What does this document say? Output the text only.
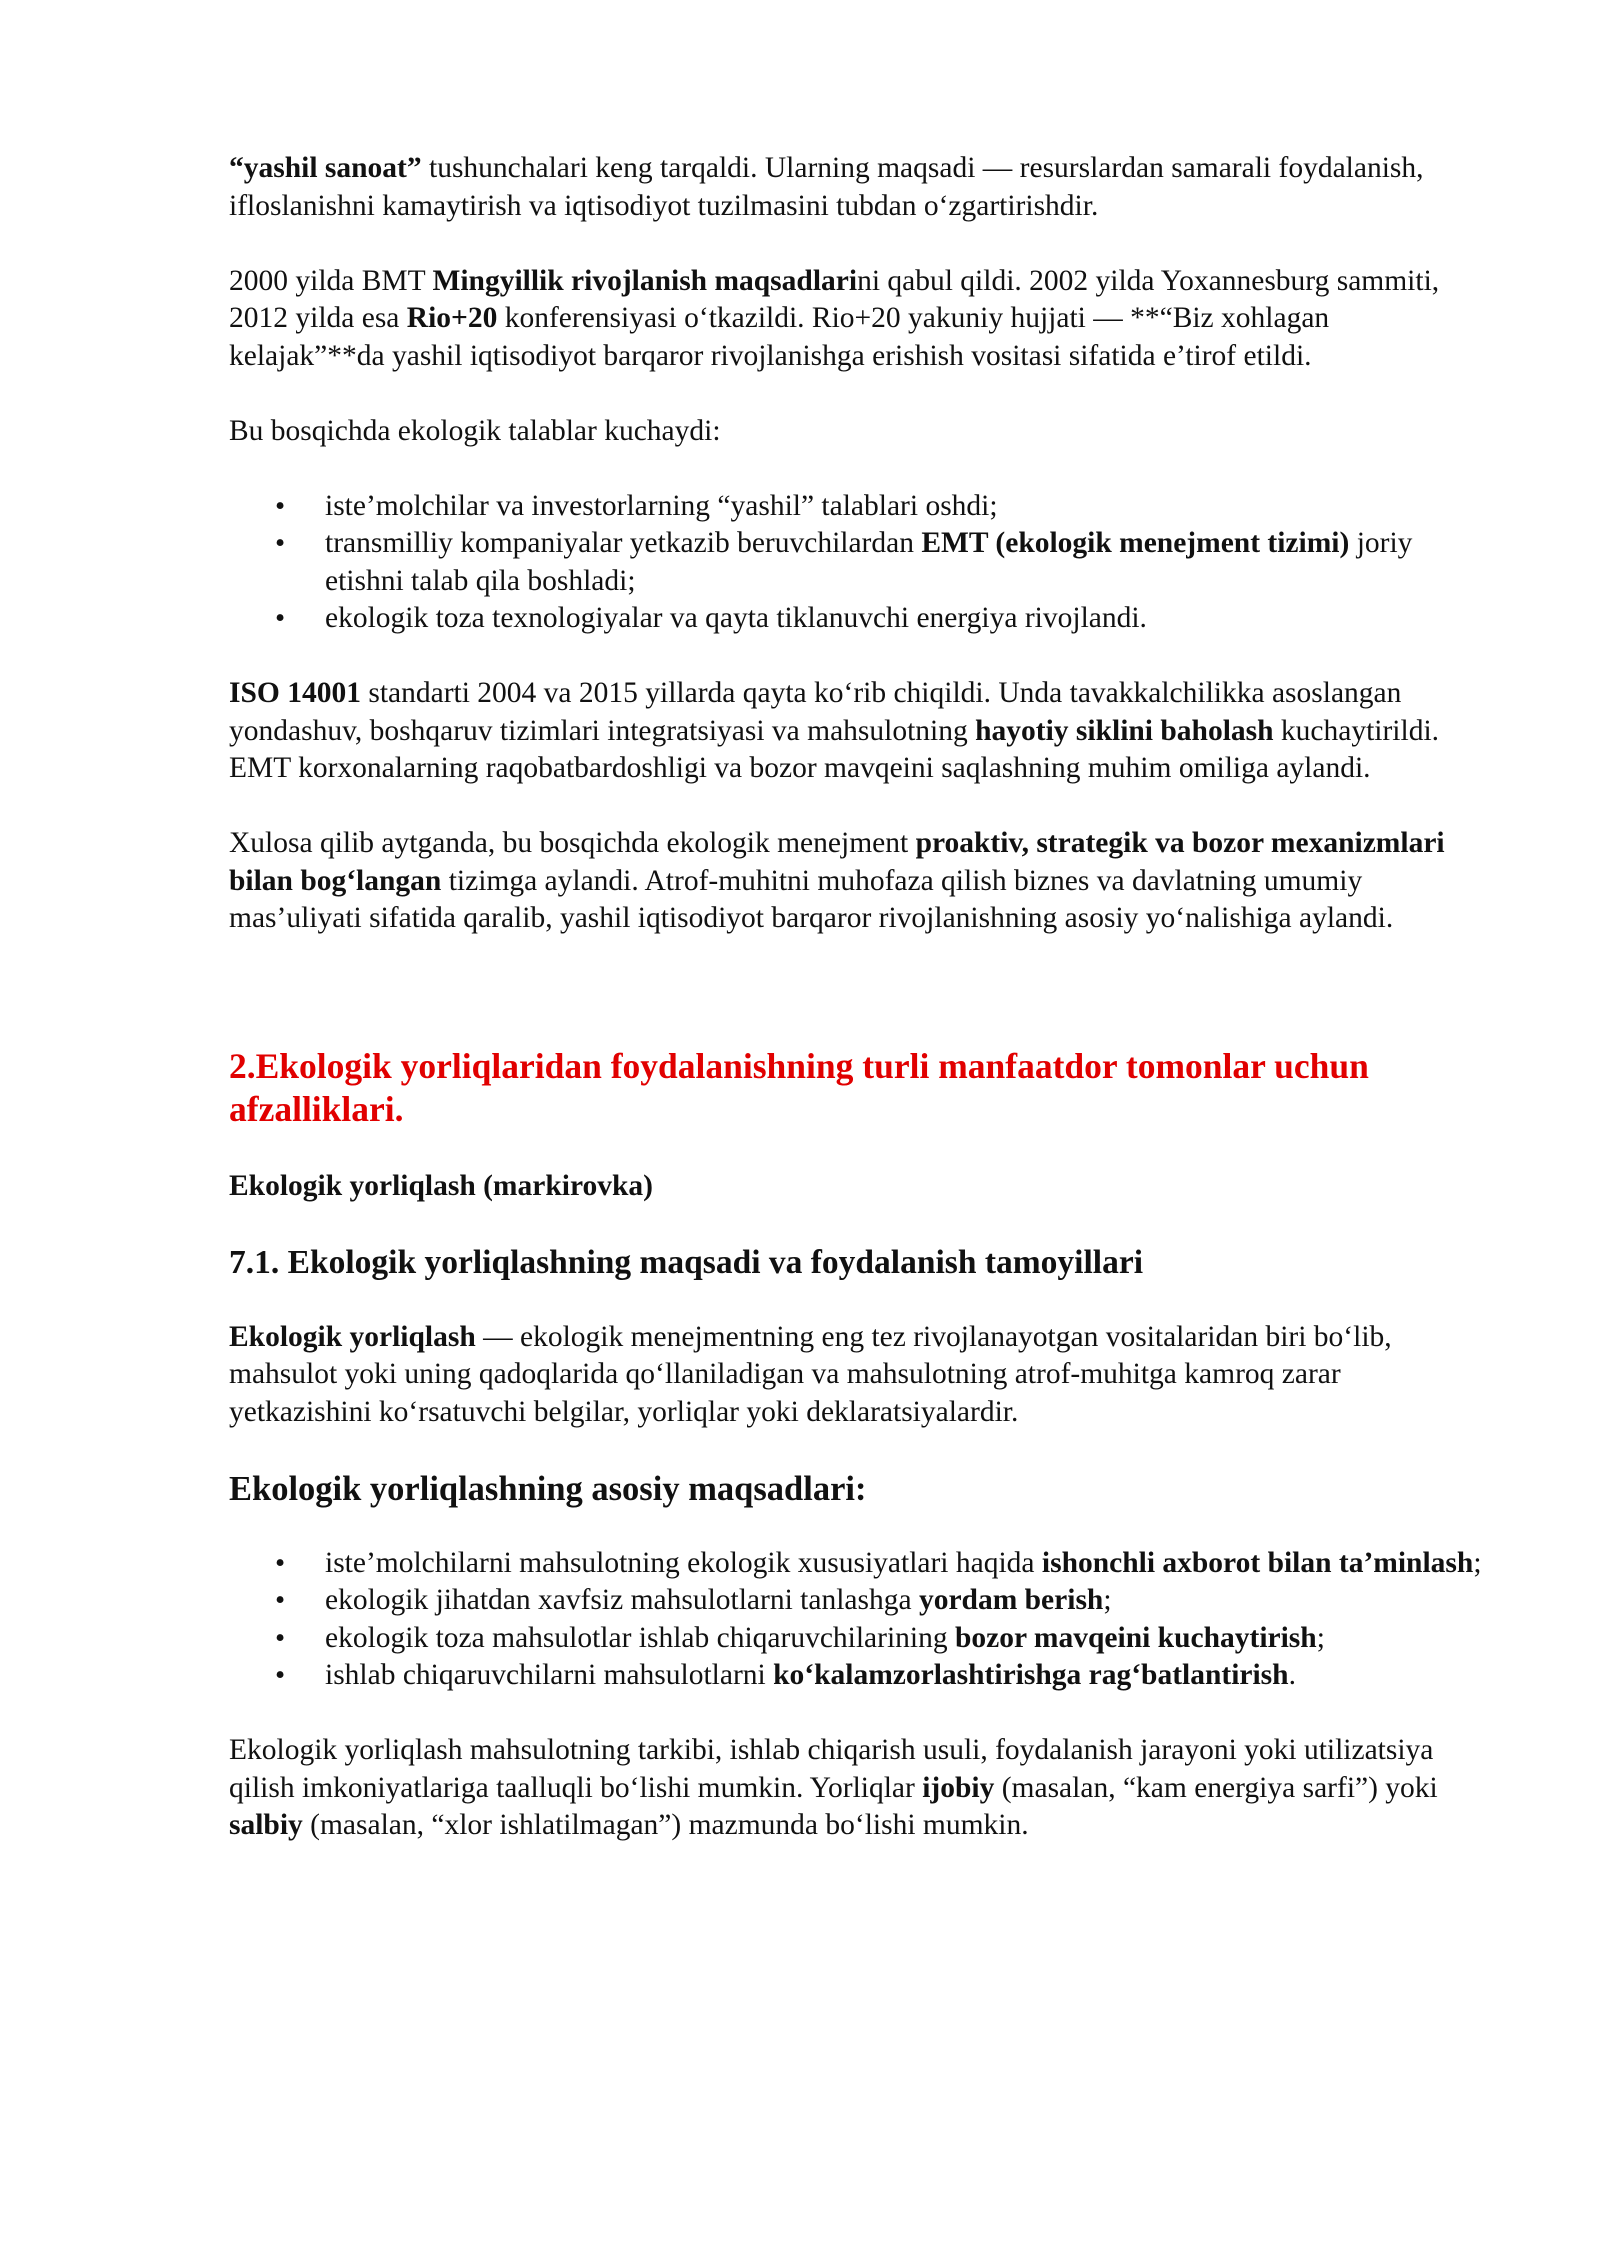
“yashil sanoat” tushunchalari keng tarqaldi. Ularning maqsadi — resurslardan samarali foydalanish, ifloslanishni kamaytirish va iqtisodiyot tuzilmasini tubdan o‘zgartirishdir.

2000 yilda BMT Mingyillik rivojlanish maqsadlarini qabul qildi. 2002 yilda Yoxannesburg sammiti, 2012 yilda esa Rio+20 konferensiyasi o‘tkazildi. Rio+20 yakuniy hujjati — **“Biz xohlagan kelajak”**da yashil iqtisodiyot barqaror rivojlanishga erishish vositasi sifatida e’tirof etildi.

Bu bosqichda ekologik talablar kuchaydi:

• iste’molchilar va investorlarning “yashil” talablari oshdi;
• transmilliy kompaniyalar yetkazib beruvchilardan EMT (ekologik menejment tizimi) joriy etishni talab qila boshladi;
• ekologik toza texnologiyalar va qayta tiklanuvchi energiya rivojlandi.

ISO 14001 standarti 2004 va 2015 yillarda qayta ko‘rib chiqildi. Unda tavakkalchilikka asoslangan yondashuv, boshqaruv tizimlari integratsiyasi va mahsulotning hayotiy siklini baholash kuchaytirildi. EMT korxonalarning raqobatbardoshligi va bozor mavqeini saqlashning muhim omiliga aylandi.

Xulosa qilib aytganda, bu bosqichda ekologik menejment proaktiv, strategik va bozor mexanizmlari bilan bog‘langan tizimga aylandi. Atrof-muhitni muhofaza qilish biznes va davlatning umumiy mas’uliyati sifatida qaralib, yashil iqtisodiyot barqaror rivojlanishning asosiy yo‘nalishiga aylandi.

2.Ekologik yorliqlaridan foydalanishning turli manfaatdor tomonlar uchun afzalliklari.
Ekologik yorliqlash (markirovka)
7.1. Ekologik yorliqlashning maqsadi va foydalanish tamoyillari

Ekologik yorliqlash — ekologik menejmentning eng tez rivojlanayotgan vositalaridan biri bo‘lib, mahsulot yoki uning qadoqlarida qo‘llaniladigan va mahsulotning atrof-muhitga kamroq zarar yetkazishini ko‘rsatuvchi belgilar, yorliqlar yoki deklaratsiyalardir.

Ekologik yorliqlashning asosiy maqsadlari:
• iste’molchilarni mahsulotning ekologik xususiyatlari haqida ishonchli axborot bilan ta’minlash;
• ekologik jihatdan xavfsiz mahsulotlarni tanlashga yordam berish;
• ekologik toza mahsulotlar ishlab chiqaruvchilarining bozor mavqeini kuchaytirish;
• ishlab chiqaruvchilarni mahsulotlarni ko‘kalamzorlashtirishga rag‘batlantirish.

Ekologik yorliqlash mahsulotning tarkibi, ishlab chiqarish usuli, foydalanish jarayoni yoki utilizatsiya qilish imkoniyatlariga taalluqli bo‘lishi mumkin. Yorliqlar ijobiy (masalan, “kam energiya sarfi”) yoki salbiy (masalan, “xlor ishlatilmagan”) mazmunda bo‘lishi mumkin.
